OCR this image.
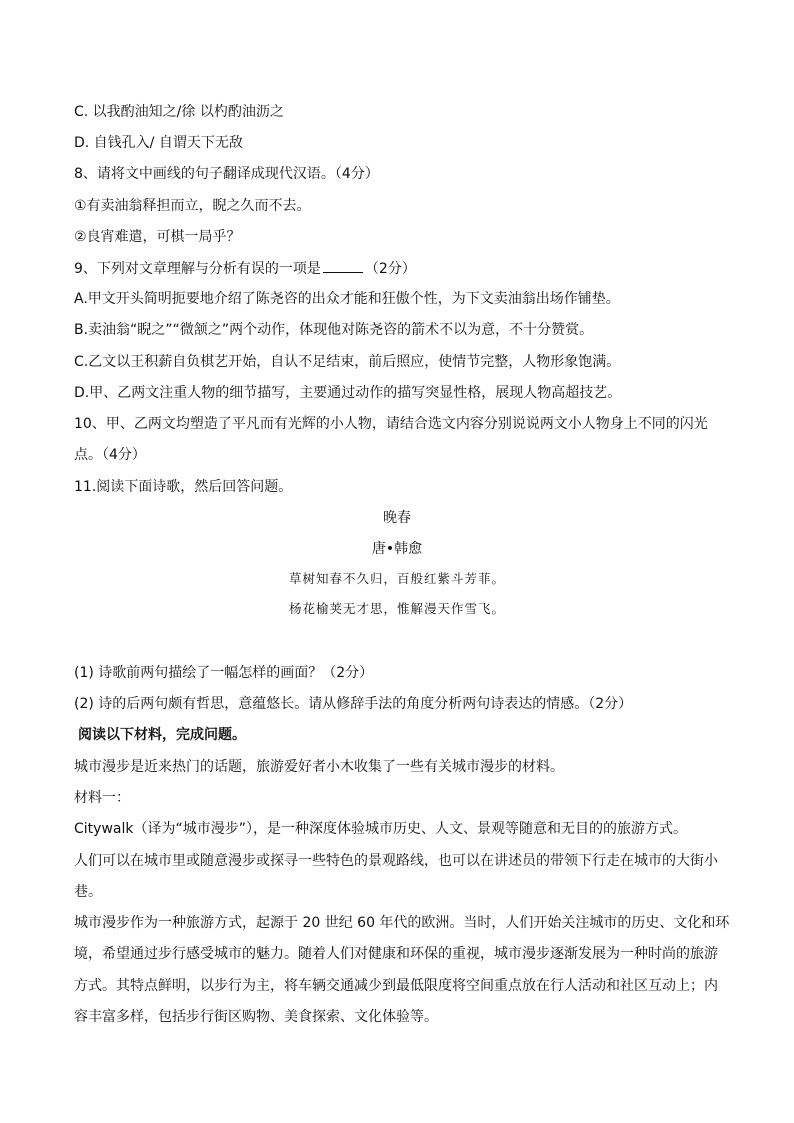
C. 以我酌油知之/徐 以杓酌油沥之
D. 自钱孔入/ 自谓天下无敌
8、请将文中画线的句子翻译成现代汉语。（4分）
①有卖油翁释担而立，睨之久而不去。
②良宵难遣，可棋一局乎？
9、下列对文章理解与分析有误的一项是	（2分）
A.甲文开头简明扼要地介绍了陈尧咨的出众才能和狂傲个性，为下文卖油翁出场作铺垫。
B.卖油翁“睨之”“微颔之”两个动作，体现他对陈尧咨的箭术不以为意，不十分赞赏。
C.乙文以王积薪自负棋艺开始，自认不足结束，前后照应，使情节完整，人物形象饱满。
D.甲、乙两文注重人物的细节描写，主要通过动作的描写突显性格，展现人物高超技艺。
10、甲、乙两文均塑造了平凡而有光辉的小人物，请结合选文内容分别说说两文小人物身上不同的闪光
点。（4分）
11.阅读下面诗歌，然后回答问题。
晚春
唐•韩愈
草树知春不久归，百般红紫斗芳菲。
杨花榆荚无才思，惟解漫天作雪飞。
(1) 诗歌前两句描绘了一幅怎样的画面？（2分）
(2) 诗的后两句颇有哲思，意蕴悠长。请从修辞手法的角度分析两句诗表达的情感。（2分）
阅读以下材料，完成问题。
城市漫步是近来热门的话题，旅游爱好者小木收集了一些有关城市漫步的材料。
材料一：
Citywalk（译为“城市漫步”），是一种深度体验城市历史、人文、景观等随意和无目的的旅游方式。
人们可以在城市里或随意漫步或探寻一些特色的景观路线，也可以在讲述员的带领下行走在城市的大街小
巷。
城市漫步作为一种旅游方式，起源于 20 世纪 60 年代的欧洲。当时，人们开始关注城市的历史、文化和环
境，希望通过步行感受城市的魅力。随着人们对健康和环保的重视，城市漫步逐渐发展为一种时尚的旅游
方式。其特点鲜明，以步行为主，将车辆交通减少到最低限度将空间重点放在行人活动和社区互动上；内
容丰富多样，包括步行街区购物、美食探索、文化体验等。
